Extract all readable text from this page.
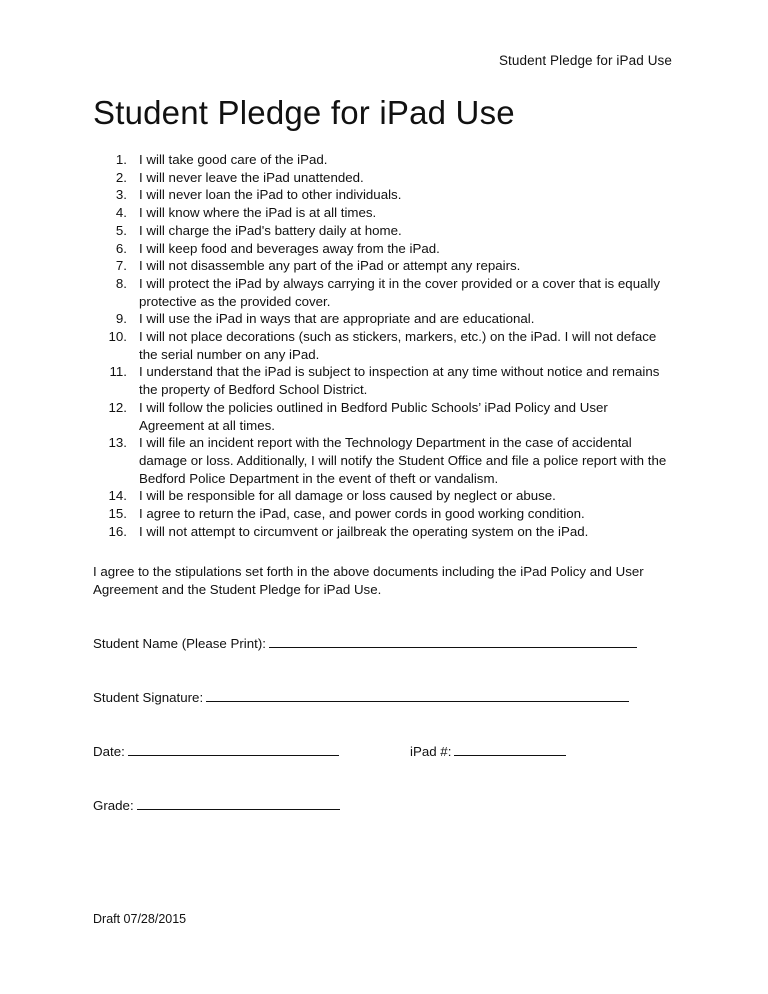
Student Pledge for iPad Use
Student Pledge for iPad Use
1. I will take good care of the iPad.
2. I will never leave the iPad unattended.
3. I will never loan the iPad to other individuals.
4. I will know where the iPad is at all times.
5. I will charge the iPad's battery daily at home.
6. I will keep food and beverages away from the iPad.
7. I will not disassemble any part of the iPad or attempt any repairs.
8. I will protect the iPad by always carrying it in the cover provided or a cover that is equally protective as the provided cover.
9. I will use the iPad in ways that are appropriate and are educational.
10. I will not place decorations (such as stickers, markers, etc.) on the iPad. I will not deface the serial number on any iPad.
11. I understand that the iPad is subject to inspection at any time without notice and remains the property of Bedford School District.
12. I will follow the policies outlined in Bedford Public Schools’ iPad Policy and User Agreement at all times.
13. I will file an incident report with the Technology Department in the case of accidental damage or loss. Additionally, I will notify the Student Office and file a police report with the Bedford Police Department in the event of theft or vandalism.
14. I will be responsible for all damage or loss caused by neglect or abuse.
15. I agree to return the iPad, case, and power cords in good working condition.
16. I will not attempt to circumvent or jailbreak the operating system on the iPad.

I agree to the stipulations set forth in the above documents including the iPad Policy and User Agreement and the Student Pledge for iPad Use.

Student Name (Please Print):
Student Signature:
Date:	iPad #:
Grade:
Draft 07/28/2015
